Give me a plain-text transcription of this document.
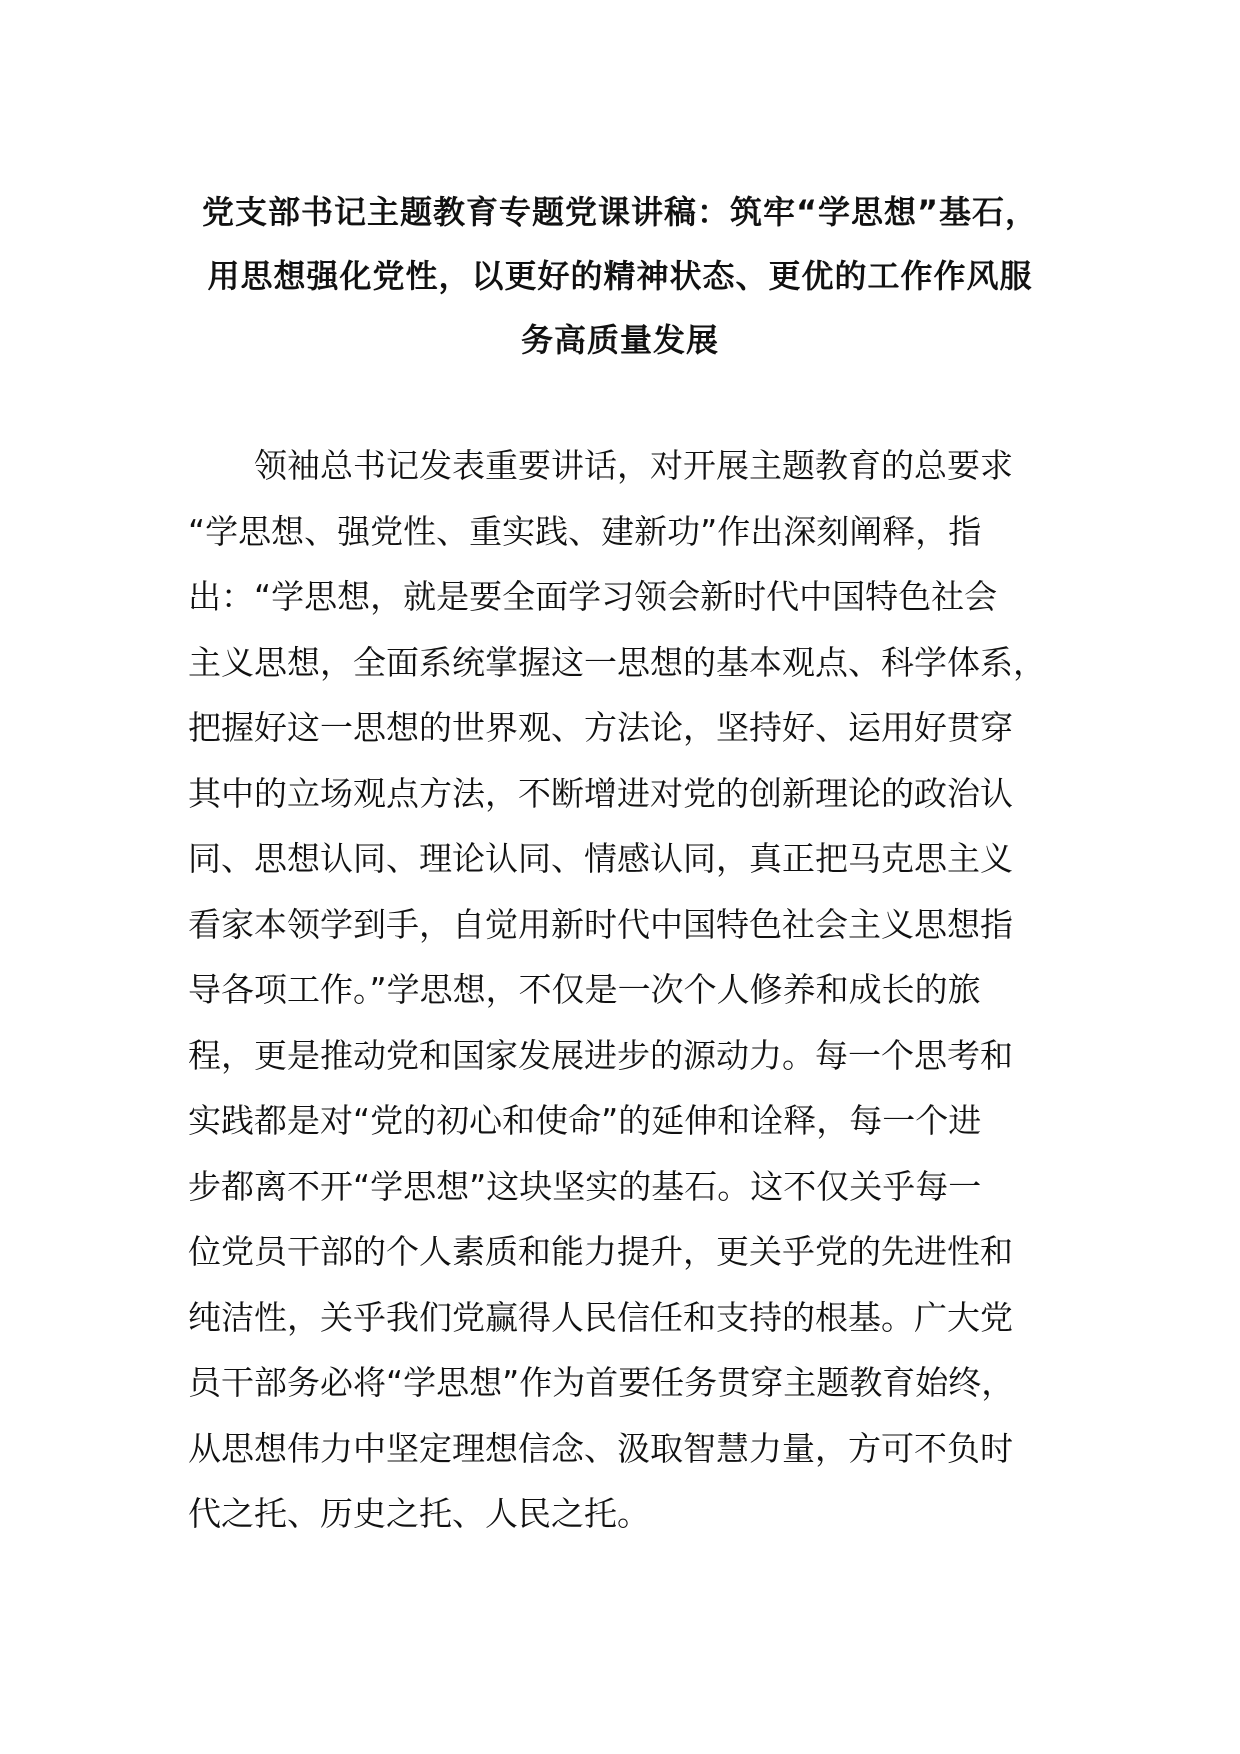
党支部书记主题教育专题党课讲稿：筑牢“学思想”基石，
用思想强化党性，以更好的精神状态、更优的工作作风服
务高质量发展
　　领袖总书记发表重要讲话，对开展主题教育的总要求
“学思想、强党性、重实践、建新功”作出深刻阐释，指
出：“学思想，就是要全面学习领会新时代中国特色社会
主义思想，全面系统掌握这一思想的基本观点、科学体系，
把握好这一思想的世界观、方法论，坚持好、运用好贯穿
其中的立场观点方法，不断增进对党的创新理论的政治认
同、思想认同、理论认同、情感认同，真正把马克思主义
看家本领学到手，自觉用新时代中国特色社会主义思想指
导各项工作。”学思想，不仅是一次个人修养和成长的旅
程，更是推动党和国家发展进步的源动力。每一个思考和
实践都是对“党的初心和使命”的延伸和诠释，每一个进
步都离不开“学思想”这块坚实的基石。这不仅关乎每一
位党员干部的个人素质和能力提升，更关乎党的先进性和
纯洁性，关乎我们党赢得人民信任和支持的根基。广大党
员干部务必将“学思想”作为首要任务贯穿主题教育始终，
从思想伟力中坚定理想信念、汲取智慧力量，方可不负时
代之托、历史之托、人民之托。
